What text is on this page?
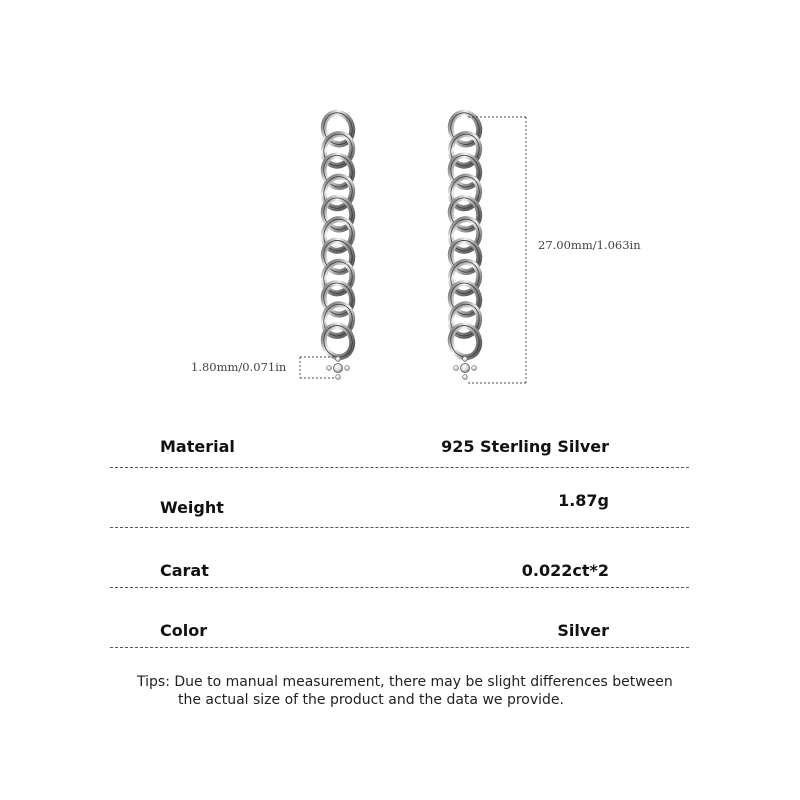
27.00mm/1.063in
1.80mm/0.071in
Material	925 Sterling Silver
Weight	1.87g
Carat	0.022ct*2
Color	Silver
Tips: Due to manual measurement, there may be slight differences between
the actual size of the product and the data we provide.
